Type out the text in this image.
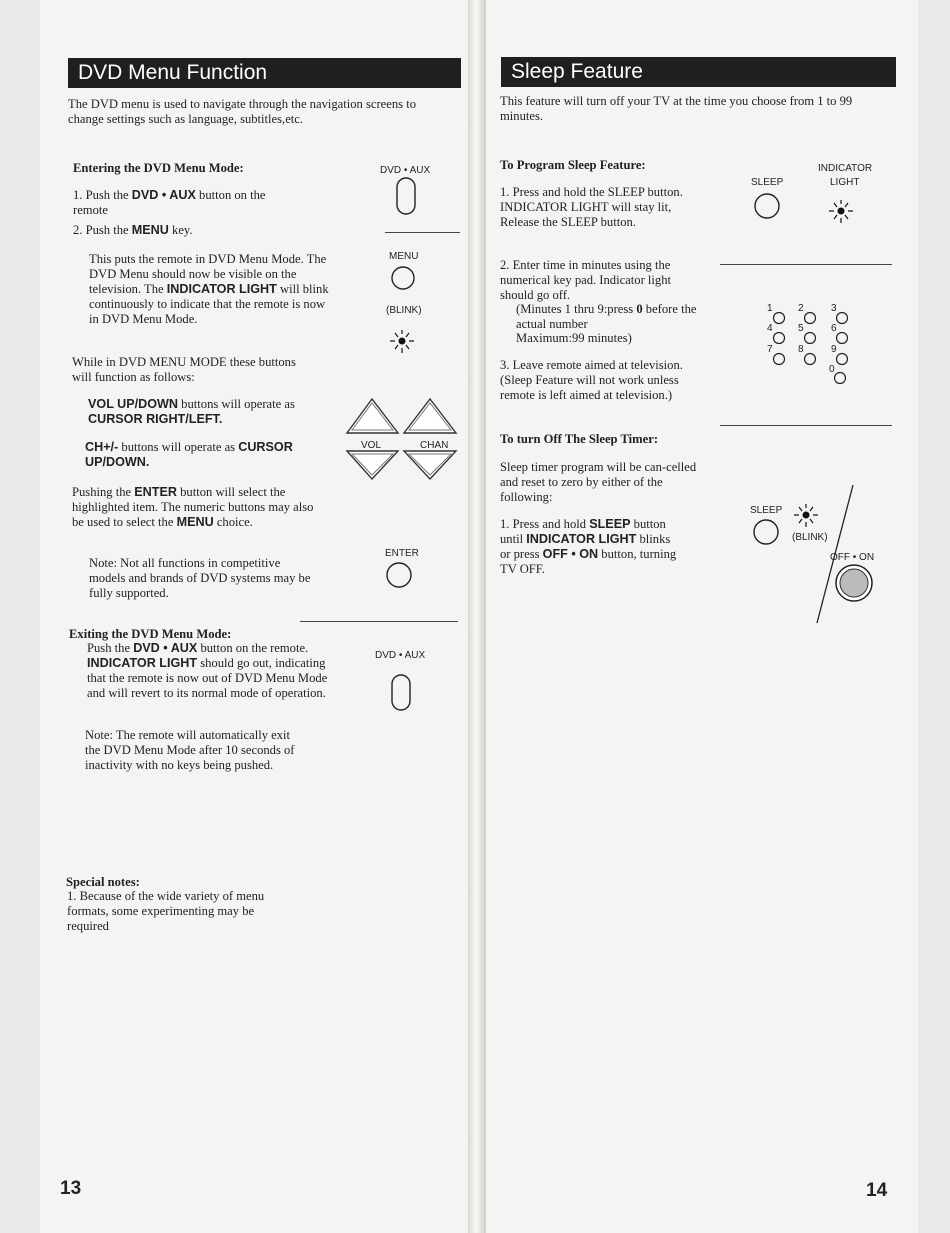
DVD Menu Function
The DVD menu is used to navigate through the navigation screens to change settings such as language, subtitles,etc.
Entering the DVD Menu Mode:
1. Push the DVD • AUX button on the remote
2. Push the MENU key.
This puts the remote in DVD Menu Mode. The DVD Menu should now be visible on the television. The INDICATOR LIGHT will blink continuously to indicate that the remote is now in DVD Menu Mode.
While in DVD MENU MODE these buttons will function as follows:
VOL UP/DOWN buttons will operate as CURSOR RIGHT/LEFT.
CH+/- buttons will operate as CURSOR UP/DOWN.
Pushing the ENTER button will select the highlighted item. The numeric buttons may also be used to select the MENU choice.
Note: Not all functions in competitive models and brands of DVD systems may be fully supported.
Exiting the DVD Menu Mode:
Push the DVD • AUX button on the remote. INDICATOR LIGHT should go out, indicating that the remote is now out of DVD Menu Mode and will revert to its normal mode of operation.
Note: The remote will automatically exit the DVD Menu Mode after 10 seconds of inactivity with no keys being pushed.
Special notes:
1. Because of the wide variety of menu formats, some experimenting may be required
13
DVD • AUX
MENU
(BLINK)
VOL	CHAN
ENTER
DVD • AUX
Sleep Feature
This feature will turn off your TV at the time you choose from 1 to 99 minutes.
To Program Sleep Feature:
1. Press and hold the SLEEP button. INDICATOR LIGHT will stay lit, Release the SLEEP button.
2. Enter time in minutes using the numerical key pad. Indicator light should go off.
(Minutes 1 thru 9:press 0 before the actual number
Maximum:99 minutes)
3. Leave remote aimed at television. (Sleep Feature will not work unless remote is left aimed at television.)
To turn Off The Sleep Timer:
Sleep timer program will be can-celled and reset to zero by either of the following:
1. Press and hold SLEEP button until INDICATOR LIGHT blinks or press OFF • ON button, turning TV OFF.
14
INDICATOR
LIGHT
SLEEP
1	2	3
4	5	6
7	8	9
0
SLEEP
(BLINK)
OFF • ON
